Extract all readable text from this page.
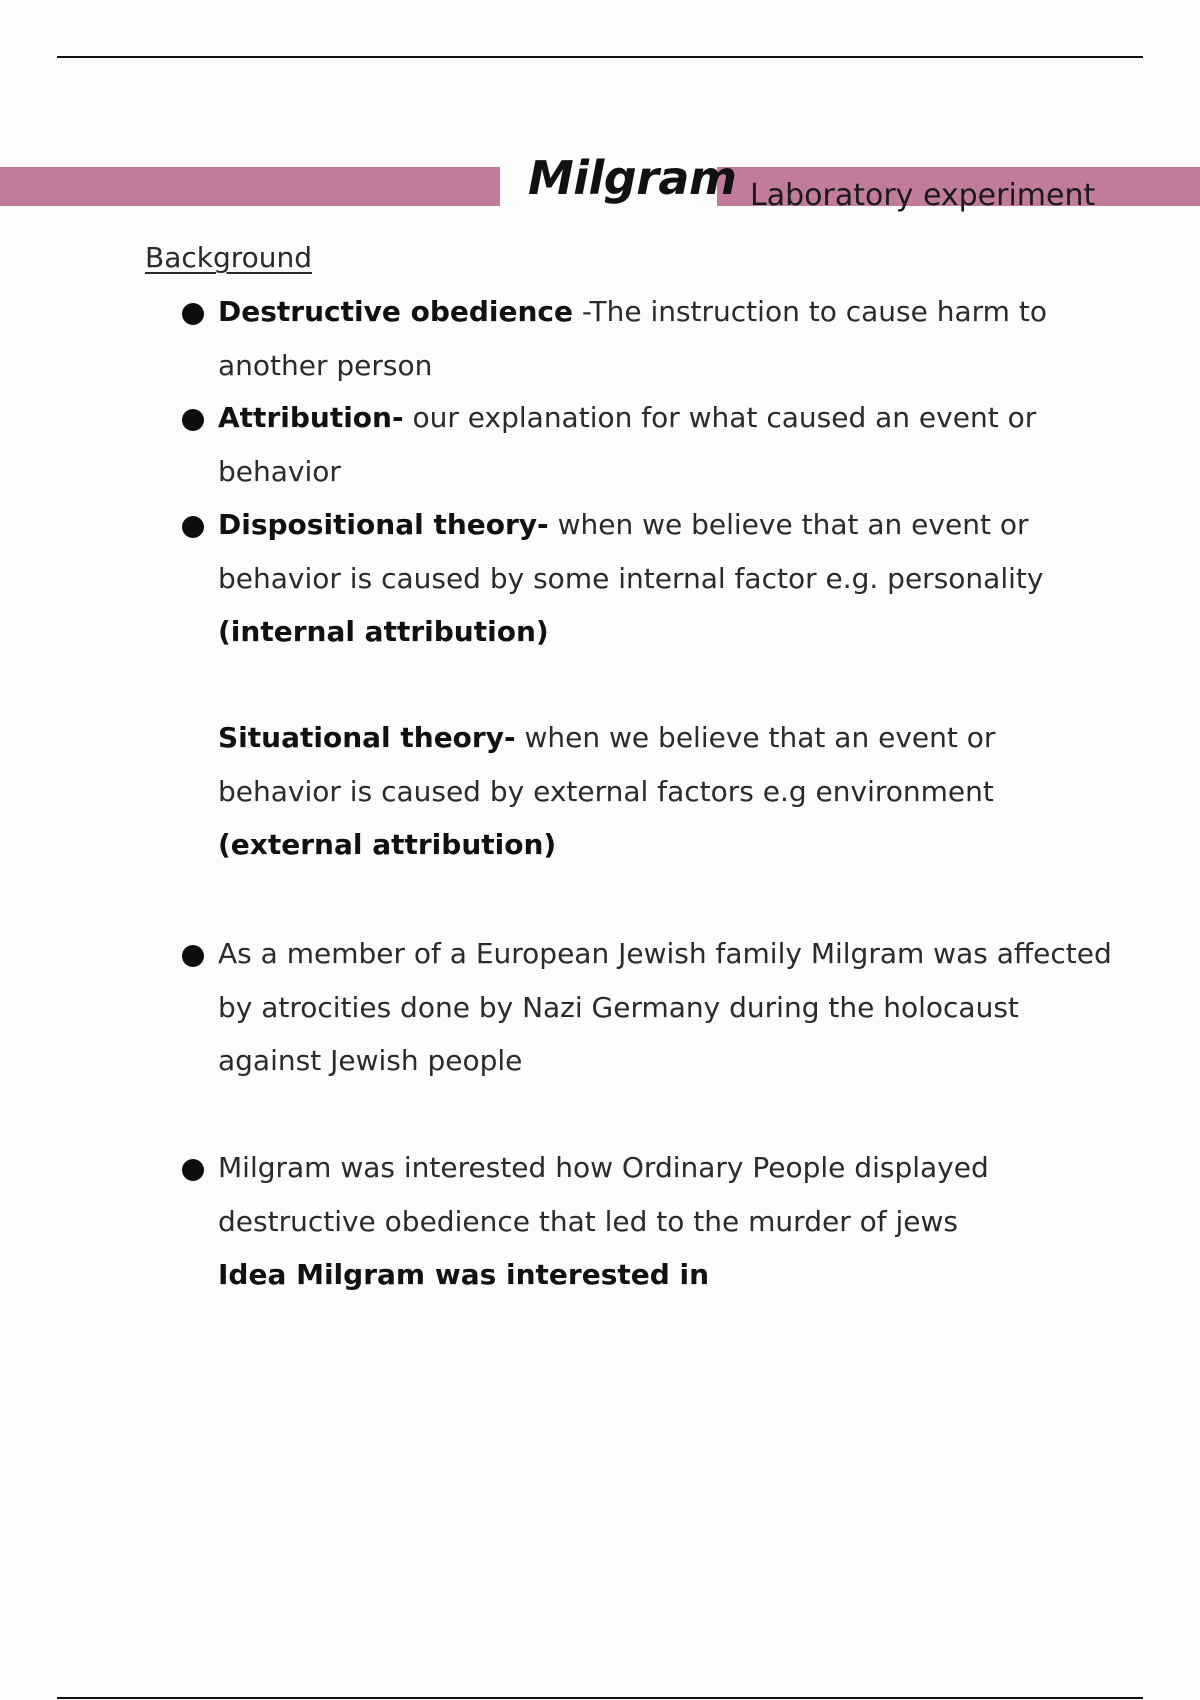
Milgram Laboratory experiment
Background
Destructive obedience -The instruction to cause harm to another person
Attribution- our explanation for what caused an event or behavior
Dispositional theory- when we believe that an event or behavior is caused by some internal factor e.g. personality
(internal attribution)
Situational theory- when we believe that an event or behavior is caused by external factors e.g environment
(external attribution)
As a member of a European Jewish family Milgram was affected by atrocities done by Nazi Germany during the holocaust against Jewish people
Milgram was interested how Ordinary People displayed destructive obedience that led to the murder of jews
Idea Milgram was interested in
